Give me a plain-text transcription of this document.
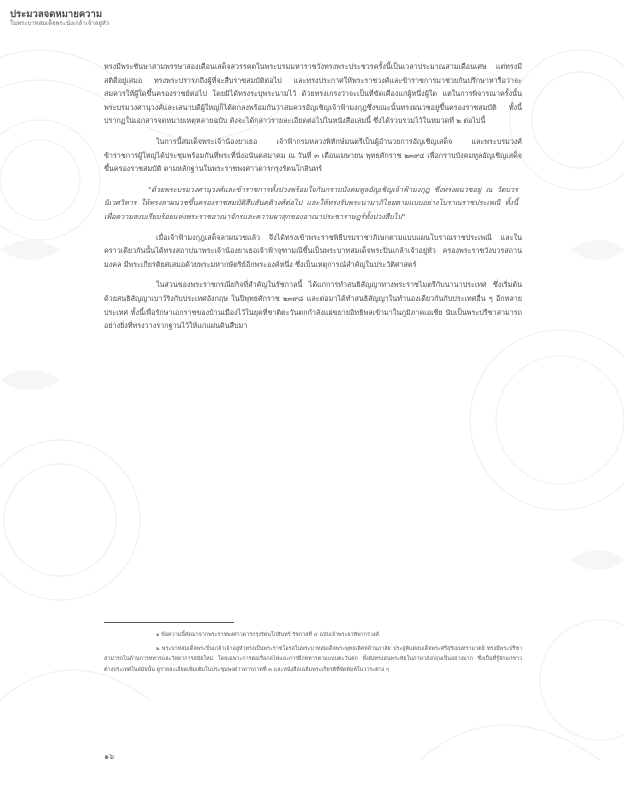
ประมวลจดหมายความ
ในพระบาทสมเด็จพระนั่งเกล้าเจ้าอยู่หัว

ทรงมีพระชันษาสามพรรษาสองเดือนเสด็จสวรรคตในพระบรมมหาราชวังทรงพระประชวรครั้งนี้เป็นเวลาประมาณสามเดือนเศษ แต่ทรงมีสติดีอยู่เสมอ ทรงพระปรารภถึงผู้ที่จะสืบราชสมบัติต่อไป และทรงประกาศให้พระราชวงศ์และข้าราชการมาช่วยกันปรึกษาหารือว่าจะสมควรให้ผู้ใดขึ้นครองราชย์ต่อไป โดยมิได้ทรงระบุพระนามไว้ ด้วยทรงเกรงว่าจะเป็นที่ขัดเคืองแก่ผู้หนึ่งผู้ใด แต่ในการพิจารณาครั้งนั้นพระบรมวงศานุวงศ์และเสนาบดีผู้ใหญ่ก็ได้ตกลงพร้อมกันว่าสมควรอัญเชิญเจ้าฟ้ามงกุฎซึ่งขณะนั้นทรงผนวชอยู่ขึ้นครองราชสมบัติ ทั้งนี้ปรากฏในเอกสารจดหมายเหตุหลายฉบับ ดังจะได้กล่าวรายละเอียดต่อไปในหนังสือเล่มนี้ ซึ่งได้รวบรวมไว้ในหมวดที่ ๒ ต่อไปนี้

ในการนี้สมเด็จพระเจ้าน้องยาเธอ เจ้าฟ้ากรมหลวงพิทักษ์มนตรีเป็นผู้อำนวยการอัญเชิญเสด็จ และพระบรมวงศ์ข้าราชการผู้ใหญ่ได้ประชุมพร้อมกันที่พระที่นั่งอนันตสมาคม ณ วันที่ ๓ เดือนเมษายน พุทธศักราช ๒๓๙๔ เพื่อกราบบังคมทูลอัญเชิญเสด็จขึ้นครองราชสมบัติ ตามหลักฐานในพระราชพงศาวดารกรุงรัตนโกสินทร์

"ด้วยพระบรมวงศานุวงศ์และข้าราชการทั้งปวงพร้อมใจกันกราบบังคมทูลอัญเชิญเจ้าฟ้ามงกุฎ ซึ่งทรงผนวชอยู่ ณ วัดบวรนิเวศวิหาร ให้ทรงลาผนวชขึ้นครองราชสมบัติสืบสันตติวงศ์ต่อไป และให้ทรงรับพระนามาภิไธยตามแบบอย่างโบราณราชประเพณี ทั้งนี้เพื่อความสงบเรียบร้อยแห่งพระราชอาณาจักรและความผาสุกของอาณาประชาราษฎร์ทั้งปวงสืบไป"

เมื่อเจ้าฟ้ามงกุฎเสด็จลาผนวชแล้ว จึงได้ทรงเข้าพระราชพิธีบรมราชาภิเษกตามแบบแผนโบราณราชประเพณี และในคราวเดียวกันนั้นได้ทรงสถาปนาพระเจ้าน้องยาเธอเจ้าฟ้าจุฑามณีขึ้นเป็นพระบาทสมเด็จพระปิ่นเกล้าเจ้าอยู่หัว ครองพระราชวังบวรสถานมงคล มีพระเกียรติยศเสมอด้วยพระมหากษัตริย์อีกพระองค์หนึ่ง ซึ่งเป็นเหตุการณ์สำคัญในประวัติศาสตร์

ในส่วนของพระราชกรณียกิจที่สำคัญในรัชกาลนี้ ได้แก่การทำสนธิสัญญาทางพระราชไมตรีกับนานาประเทศ ซึ่งเริ่มต้นด้วยสนธิสัญญาเบาว์ริงกับประเทศอังกฤษ ในปีพุทธศักราช ๒๓๙๘ และต่อมาได้ทำสนธิสัญญาในทำนองเดียวกันกับประเทศอื่น ๆ อีกหลายประเทศ ทั้งนี้เพื่อรักษาเอกราชของบ้านเมืองไว้ในยุคที่ชาติตะวันตกกำลังแผ่ขยายอิทธิพลเข้ามาในภูมิภาคเอเชีย นับเป็นพระปรีชาสามารถอย่างยิ่งที่ทรงวางรากฐานไว้ให้แก่แผ่นดินสืบมา

๑ ข้อความนี้คัดมาจากพระราชพงศาวดารกรุงรัตนโกสินทร์ รัชกาลที่ ๔ ฉบับเจ้าพระยาทิพากรวงศ์

๒ พระบาทสมเด็จพระปิ่นเกล้าเจ้าอยู่หัวทรงเป็นพระราชโอรสในพระบาทสมเด็จพระพุทธเลิศหล้านภาลัย ประสูติแต่สมเด็จพระศรีสุริเยนทรามาตย์ ทรงมีพระปรีชาสามารถในด้านการทหารและวิทยาการสมัยใหม่ โดยเฉพาะการต่อเรือกลไฟและการฝึกทหารตามแบบตะวันตก ทั้งยังทรงสนพระทัยในภาษาอังกฤษเป็นอย่างมาก ซึ่งเป็นที่รู้จักแก่ชาวต่างประเทศในสมัยนั้น ดูรายละเอียดเพิ่มเติมในประชุมพงศาวดารภาคที่ ๓ และหนังสือเฉลิมพระเกียรติที่จัดพิมพ์ในวาระต่าง ๆ

๑๖
